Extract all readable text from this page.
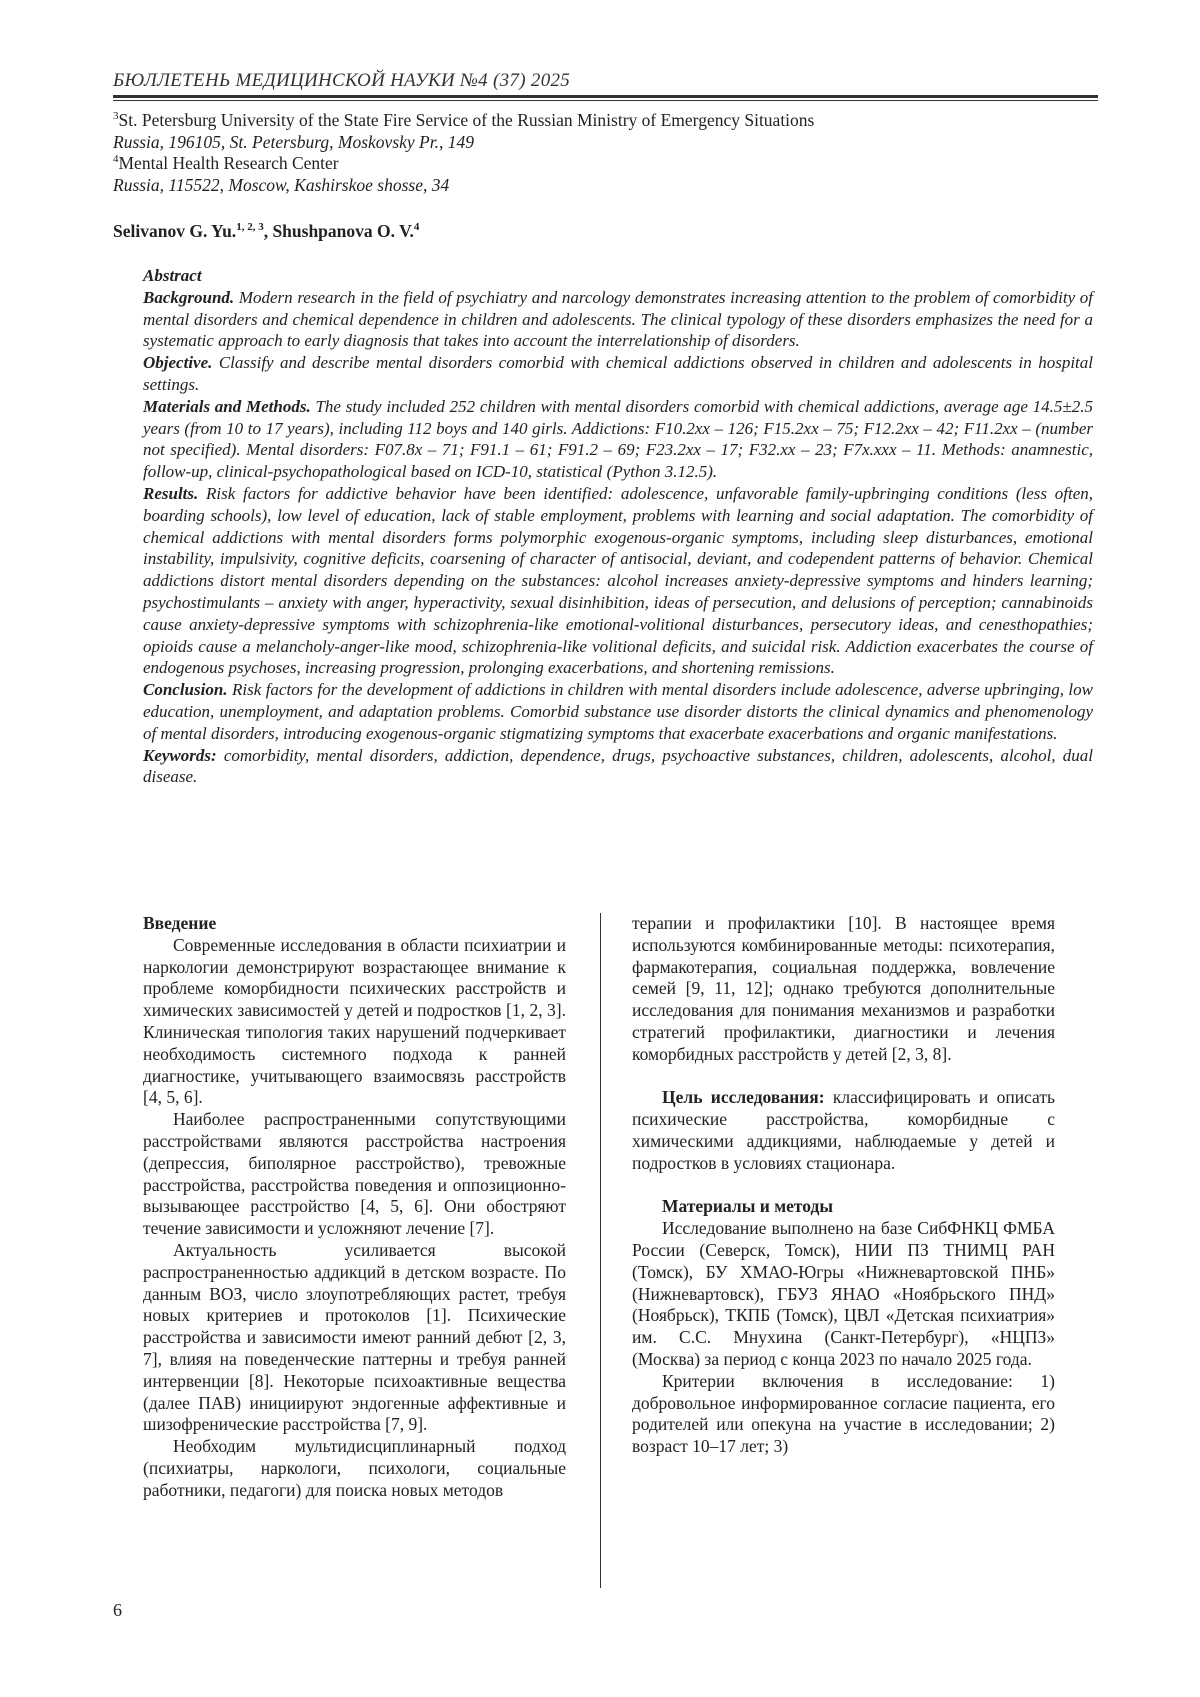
БЮЛЛЕТЕНЬ МЕДИЦИНСКОЙ НАУКИ №4 (37) 2025
$^3$St. Petersburg University of the State Fire Service of the Russian Ministry of Emergency Situations
Russia, 196105, St. Petersburg, Moskovsky Pr., 149
$^4$Mental Health Research Center
Russia, 115522, Moscow, Kashirskoe shosse, 34
Selivanov G. Yu.$^{1, 2, 3}$, Shushpanova O. V.$^4$

Abstract

Background. Modern research in the field of psychiatry and narcology demonstrates increasing attention to the problem of comorbidity of mental disorders and chemical dependence in children and adolescents. The clinical typology of these disorders emphasizes the need for a systematic approach to early diagnosis that takes into account the interrelationship of disorders.

Objective. Classify and describe mental disorders comorbid with chemical addictions observed in children and adolescents in hospital settings.

Materials and Methods. The study included 252 children with mental disorders comorbid with chemical addictions, average age 14.5±2.5 years (from 10 to 17 years), including 112 boys and 140 girls. Addictions: F10.2xx – 126; F15.2xx – 75; F12.2xx – 42; F11.2xx – (number not specified). Mental disorders: F07.8x – 71; F91.1 – 61; F91.2 – 69; F23.2xx – 17; F32.xx – 23; F7x.xxx – 11. Methods: anamnestic, follow-up, clinical-psychopathological based on ICD-10, statistical (Python 3.12.5).

Results. Risk factors for addictive behavior have been identified: adolescence, unfavorable family-upbringing conditions (less often, boarding schools), low level of education, lack of stable employment, problems with learning and social adaptation. The comorbidity of chemical addictions with mental disorders forms polymorphic exogenous-organic symptoms, including sleep disturbances, emotional instability, impulsivity, cognitive deficits, coarsening of character of antisocial, deviant, and codependent patterns of behavior. Chemical addictions distort mental disorders depending on the substances: alcohol increases anxiety-depressive symptoms and hinders learning; psychostimulants – anxiety with anger, hyperactivity, sexual disinhibition, ideas of persecution, and delusions of perception; cannabinoids cause anxiety-depressive symptoms with schizophrenia-like emotional-volitional disturbances, persecutory ideas, and cenesthopathies; opioids cause a melancholy-anger-like mood, schizophrenia-like volitional deficits, and suicidal risk. Addiction exacerbates the course of endogenous psychoses, increasing progression, prolonging exacerbations, and shortening remissions.

Conclusion. Risk factors for the development of addictions in children with mental disorders include adolescence, adverse upbringing, low education, unemployment, and adaptation problems. Comorbid substance use disorder distorts the clinical dynamics and phenomenology of mental disorders, introducing exogenous-organic stigmatizing symptoms that exacerbate exacerbations and organic manifestations.

Keywords: comorbidity, mental disorders, addiction, dependence, drugs, psychoactive substances, children, adolescents, alcohol, dual disease.

Введение

Современные исследования в области психиатрии и наркологии демонстрируют возрастающее внимание к проблеме коморбидности психических расстройств и химических зависимостей у детей и подростков [1, 2, 3]. Клиническая типология таких нарушений подчеркивает необходимость системного подхода к ранней диагностике, учитывающего взаимосвязь расстройств [4, 5, 6].

Наиболее распространенными сопутствующими расстройствами являются расстройства настроения (депрессия, биполярное расстройство), тревожные расстройства, расстройства поведения и оппозиционно-вызывающее расстройство [4, 5, 6]. Они обостряют течение зависимости и усложняют лечение [7].

Актуальность усиливается высокой распространенностью аддикций в детском возрасте. По данным ВОЗ, число злоупотребляющих растет, требуя новых критериев и протоколов [1]. Психические расстройства и зависимости имеют ранний дебют [2, 3, 7], влияя на поведенческие паттерны и требуя ранней интервенции [8]. Некоторые психоактивные вещества (далее ПАВ) инициируют эндогенные аффективные и шизофренические расстройства [7, 9].

Необходим мультидисциплинарный подход (психиатры, наркологи, психологи, социальные работники, педагоги) для поиска новых методов

терапии и профилактики [10]. В настоящее время используются комбинированные методы: психотерапия, фармакотерапия, социальная поддержка, вовлечение семей [9, 11, 12]; однако требуются дополнительные исследования для понимания механизмов и разработки стратегий профилактики, диагностики и лечения коморбидных расстройств у детей [2, 3, 8].

Цель исследования: классифицировать и описать психические расстройства, коморбидные с химическими аддикциями, наблюдаемые у детей и подростков в условиях стационара.

Материалы и методы

Исследование выполнено на базе СибФНКЦ ФМБА России (Северск, Томск), НИИ ПЗ ТНИМЦ РАН (Томск), БУ ХМАО-Югры «Нижневартовской ПНБ» (Нижневартовск), ГБУЗ ЯНАО «Ноябрьского ПНД» (Ноябрьск), ТКПБ (Томск), ЦВЛ «Детская психиатрия» им. С.С. Мнухина (Санкт-Петербург), «НЦПЗ» (Москва) за период с конца 2023 по начало 2025 года.

Критерии включения в исследование: 1) добровольное информированное согласие пациента, его родителей или опекуна на участие в исследовании; 2) возраст 10–17 лет; 3)

6
